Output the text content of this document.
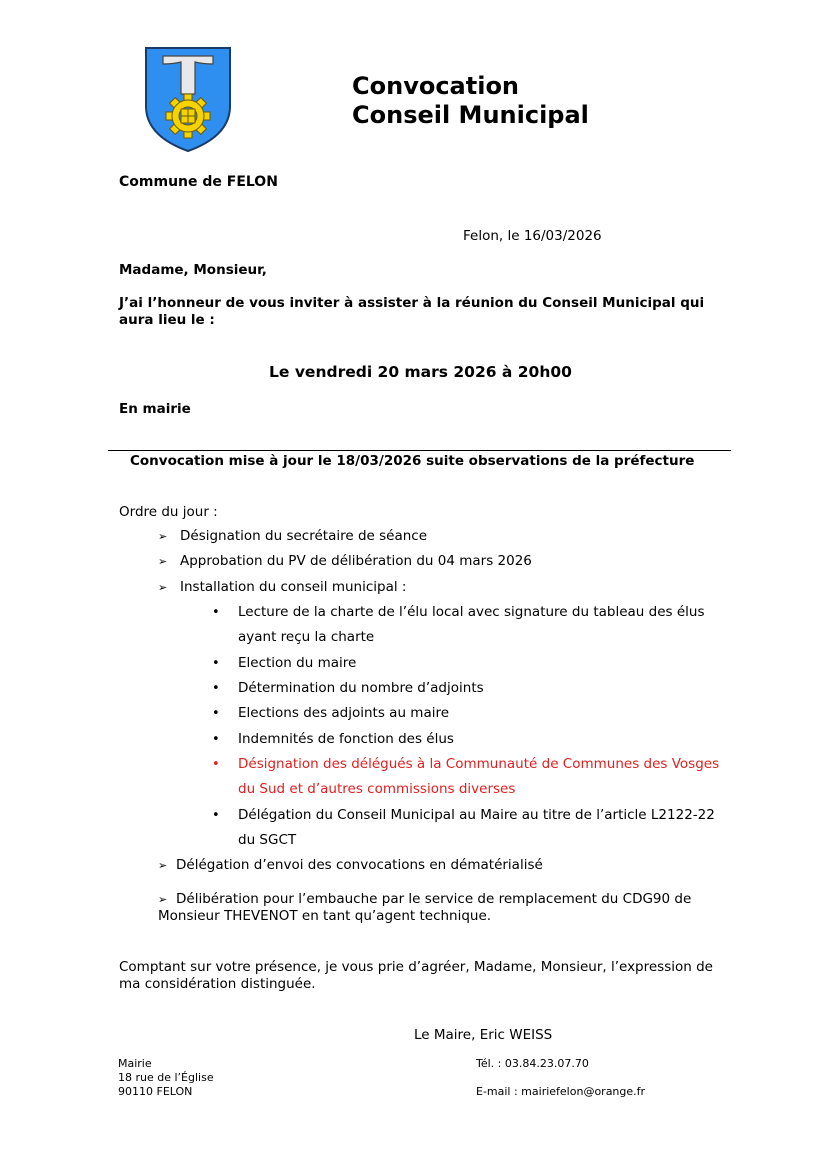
Convocation
Conseil Municipal
Commune de FELON
Felon, le 16/03/2026
Madame, Monsieur,
J’ai l’honneur de vous inviter à assister à la réunion du Conseil Municipal qui aura lieu le :
Le vendredi 20 mars 2026 à 20h00
En mairie
Convocation mise à jour le 18/03/2026 suite observations de la préfecture
Ordre du jour :
➢ Désignation du secrétaire de séance
➢ Approbation du PV de délibération du 04 mars 2026
➢ Installation du conseil municipal :
• Lecture de la charte de l’élu local avec signature du tableau des élus ayant reçu la charte
• Election du maire
• Détermination du nombre d’adjoints
• Elections des adjoints au maire
• Indemnités de fonction des élus
• Désignation des délégués à la Communauté de Communes des Vosges du Sud et d’autres commissions diverses
• Délégation du Conseil Municipal au Maire au titre de l’article L2122-22 du SGCT
➢ Délégation d’envoi des convocations en dématérialisé
➢ Délibération pour l’embauche par le service de remplacement du CDG90 de Monsieur THEVENOT en tant qu’agent technique.
Comptant sur votre présence, je vous prie d’agréer, Madame, Monsieur, l’expression de ma considération distinguée.
Le Maire, Eric WEISS
Mairie
18 rue de l’Église
90110 FELON
Tél. : 03.84.23.07.70
E-mail : mairiefelon@orange.fr
